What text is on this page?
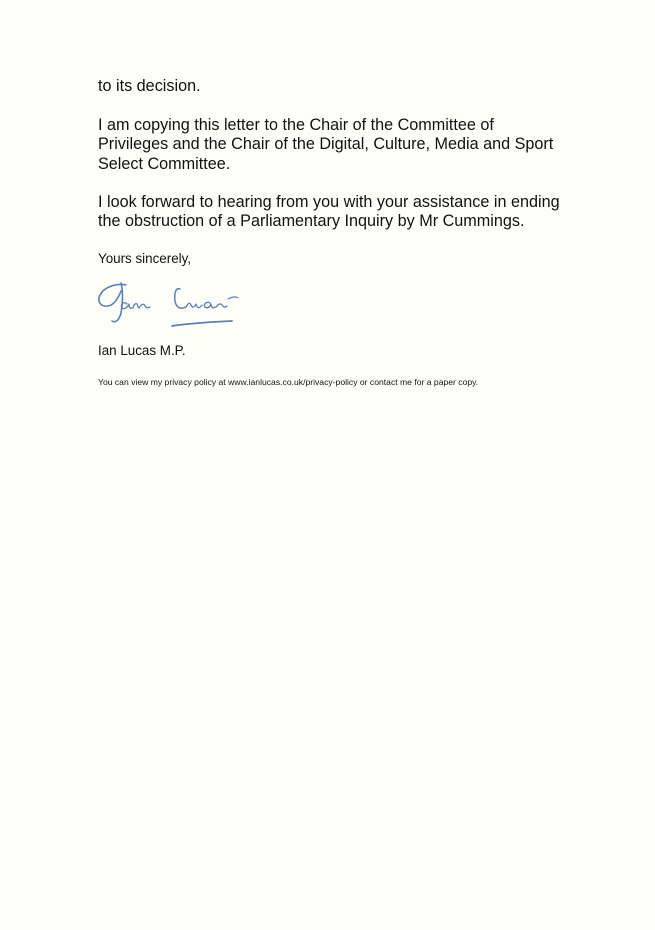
to its decision.

I am copying this letter to the Chair of the Committee of
Privileges and the Chair of the Digital, Culture, Media and Sport
Select Committee.

I look forward to hearing from you with your assistance in ending
the obstruction of a Parliamentary Inquiry by Mr Cummings.

Yours sincerely,

Ian Lucas M.P.

You can view my privacy policy at www.ianlucas.co.uk/privacy-policy or contact me for a paper copy.
